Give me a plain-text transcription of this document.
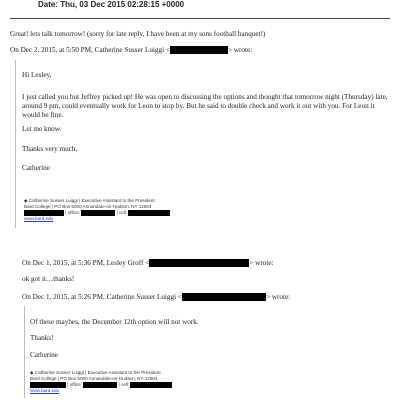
Date: Thu, 03 Dec 2015 02:28:15 +0000
Great! lets talk tomorrow! (sorry for late reply, I have been at my sons football banquet!)
On Dec 2, 2015, at 5:50 PM, Catherine Susser Luiggi <	> wrote:
Hi Lesley,
I just called you but Jeffrey picked up! He was open to discussing the options and thought that tomorrow night (Thursday) late, around 9 pm, could eventually work for Leon to stop by. But he said to double check and work it out with you. For Leon it would be fine.
Let me know.
Thanks very much,
Catherine
◆ Catherine Susser Luiggi | Executive Assistant to the President
Bard College | PO Box 5000 Annandale-on-Hudson, NY 12504
| office:	| cell:
www.bard.edu
On Dec 1, 2015, at 5:36 PM, Lesley Groff <	> wrote:
ok got it…thanks!
On Dec 1, 2015, at 5:26 PM, Catherine Susser Luiggi <	> wrote:
Of these maybes, the December 12th option will not work.
Thanks!
Catherine
◆ Catherine Susser Luiggi | Executive Assistant to the President
Bard College | PO Box 5000 Annandale-on-Hudson, NY 12504
| office:	| cell:
www.bard.edu
